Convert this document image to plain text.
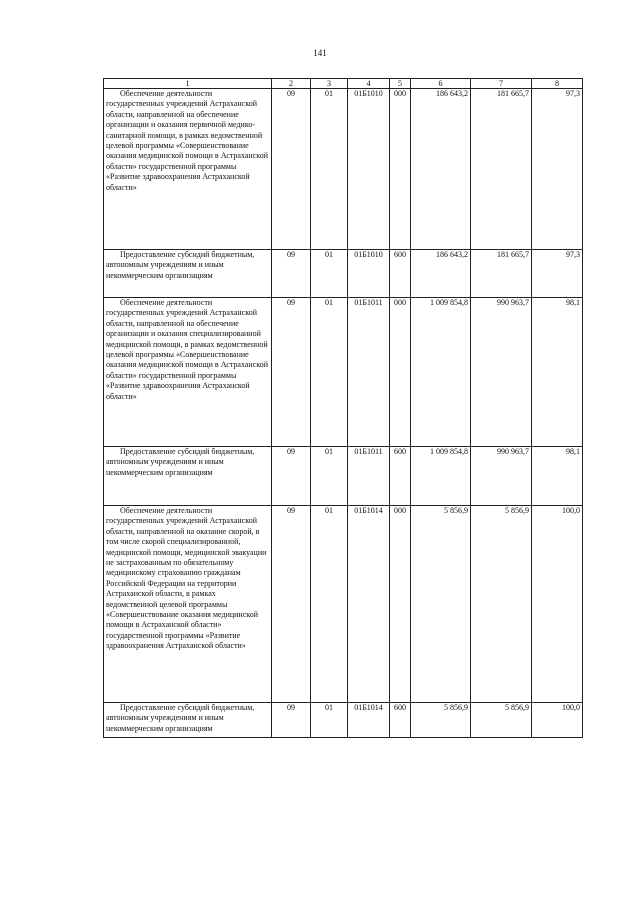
141
1	2	3	4	5	6	7	8
Обеспечение деятельности государственных учреждений Астраханской области, направленной на обеспечение организации и оказания первичной медико-санитарной помощи, в рамках ведомственной целевой программы «Совершенствование оказания медицинской помощи в Астраханской области» государственной программы «Развитие здравоохранения Астраханской области»	09	01	01Б1010	000	186 643,2	181 665,7	97,3
Предоставление субсидий бюджетным, автономным учреждениям и иным некоммерческим организациям	09	01	01Б1010	600	186 643,2	181 665,7	97,3
Обеспечение деятельности государственных учреждений Астраханской области, направленной на обеспечение организации и оказания специализированной медицинской помощи, в рамках ведомственной целевой программы «Совершенствование оказания медицинской помощи в Астраханской области» государственной программы «Развитие здравоохранения Астраханской области»	09	01	01Б1011	000	1 009 854,8	990 963,7	98,1
Предоставление субсидий бюджетным, автономным учреждениям и иным некоммерческим организациям	09	01	01Б1011	600	1 009 854,8	990 963,7	98,1
Обеспечение деятельности государственных учреждений Астраханской области, направленной на оказание скорой, в том числе скорой специализированной, медицинской помощи, медицинской эвакуации не застрахованным по обязательному медицинскому страхованию гражданам Российской Федерации на территории Астраханской области, в рамках ведомственной целевой программы «Совершенствование оказания медицинской помощи в Астраханской области» государственной программы «Развитие здравоохранения Астраханской области»	09	01	01Б1014	000	5 856,9	5 856,9	100,0
Предоставление субсидий бюджетным, автономным учреждениям и иным некоммерческим организациям	09	01	01Б1014	600	5 856,9	5 856,9	100,0
